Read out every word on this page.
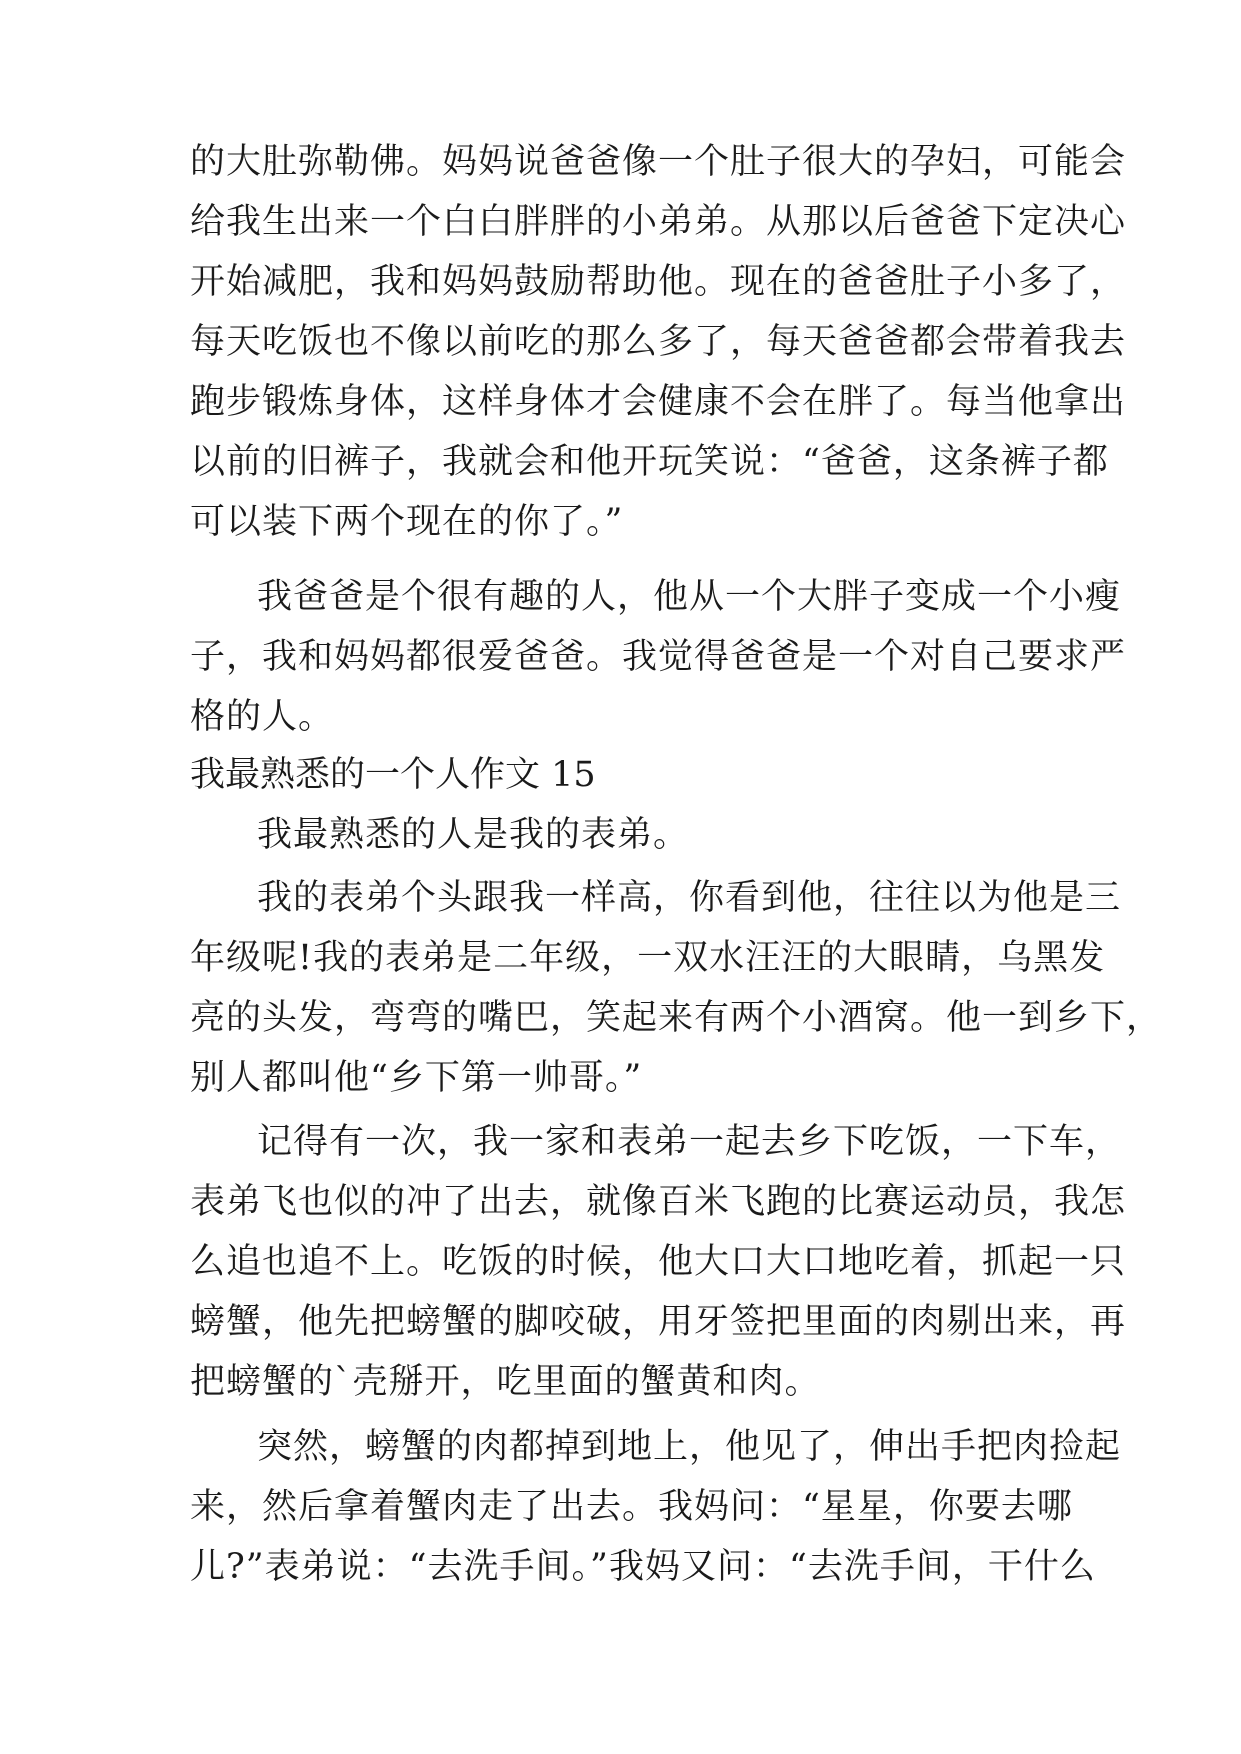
的大肚弥勒佛。妈妈说爸爸像一个肚子很大的孕妇，可能会
给我生出来一个白白胖胖的小弟弟。从那以后爸爸下定决心
开始减肥，我和妈妈鼓励帮助他。现在的爸爸肚子小多了，
每天吃饭也不像以前吃的那么多了，每天爸爸都会带着我去
跑步锻炼身体，这样身体才会健康不会在胖了。每当他拿出
以前的旧裤子，我就会和他开玩笑说：“爸爸，这条裤子都
可以装下两个现在的你了。”
我爸爸是个很有趣的人，他从一个大胖子变成一个小瘦
子，我和妈妈都很爱爸爸。我觉得爸爸是一个对自己要求严
格的人。
我最熟悉的一个人作文 15
我最熟悉的人是我的表弟。
我的表弟个头跟我一样高，你看到他，往往以为他是三
年级呢!我的表弟是二年级，一双水汪汪的大眼睛，乌黑发
亮的头发，弯弯的嘴巴，笑起来有两个小酒窝。他一到乡下，
别人都叫他“乡下第一帅哥。”
记得有一次，我一家和表弟一起去乡下吃饭，一下车，
表弟飞也似的冲了出去，就像百米飞跑的比赛运动员，我怎
么追也追不上。吃饭的时候，他大口大口地吃着，抓起一只
螃蟹，他先把螃蟹的脚咬破，用牙签把里面的肉剔出来，再
把螃蟹的`壳掰开，吃里面的蟹黄和肉。
突然，螃蟹的肉都掉到地上，他见了，伸出手把肉捡起
来，然后拿着蟹肉走了出去。我妈问：“星星，你要去哪
儿?”表弟说：“去洗手间。”我妈又问：“去洗手间，干什么
